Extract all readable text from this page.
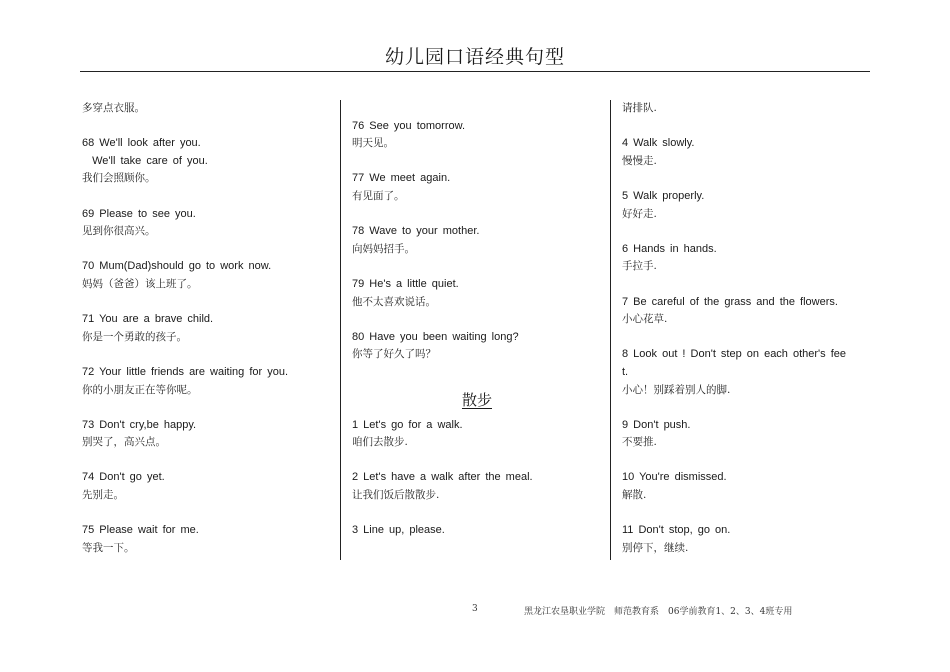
幼儿园口语经典句型
多穿点衣服。
68 We'll look after you.
We'll take care of you.
我们会照顾你。
69 Please to see you.
见到你很高兴。
70 Mum(Dad)should go to work now.
妈妈（爸爸）该上班了。
71 You are a brave child.
你是一个勇敢的孩子。
72 Your little friends are waiting for you.
你的小朋友正在等你呢。
73 Don't cry,be happy.
别哭了，高兴点。
74 Don't go yet.
先别走。
75 Please wait for me.
等我一下。
76 See you tomorrow.
明天见。
77 We meet again.
有见面了。
78 Wave to your mother.
向妈妈招手。
79 He's a little quiet.
他不太喜欢说话。
80 Have you been waiting long?
你等了好久了吗？
散步
1 Let's go for a walk.
咱们去散步.
2 Let's have a walk after the meal.
让我们饭后散散步.
3 Line up, please.
请排队.
4 Walk slowly.
慢慢走.
5 Walk properly.
好好走.
6 Hands in hands.
手拉手.
7 Be careful of the grass and the flowers.
小心花草.
8 Look out ! Don't step on each other's fee
t.
小心！别踩着别人的脚.
9 Don't push.
不要推.
10 You're dismissed.
解散.
11 Don't stop, go on.
别停下，继续.
3	黑龙江农垦职业学院　师范教育系　06学前教育1、2、3、4班专用
